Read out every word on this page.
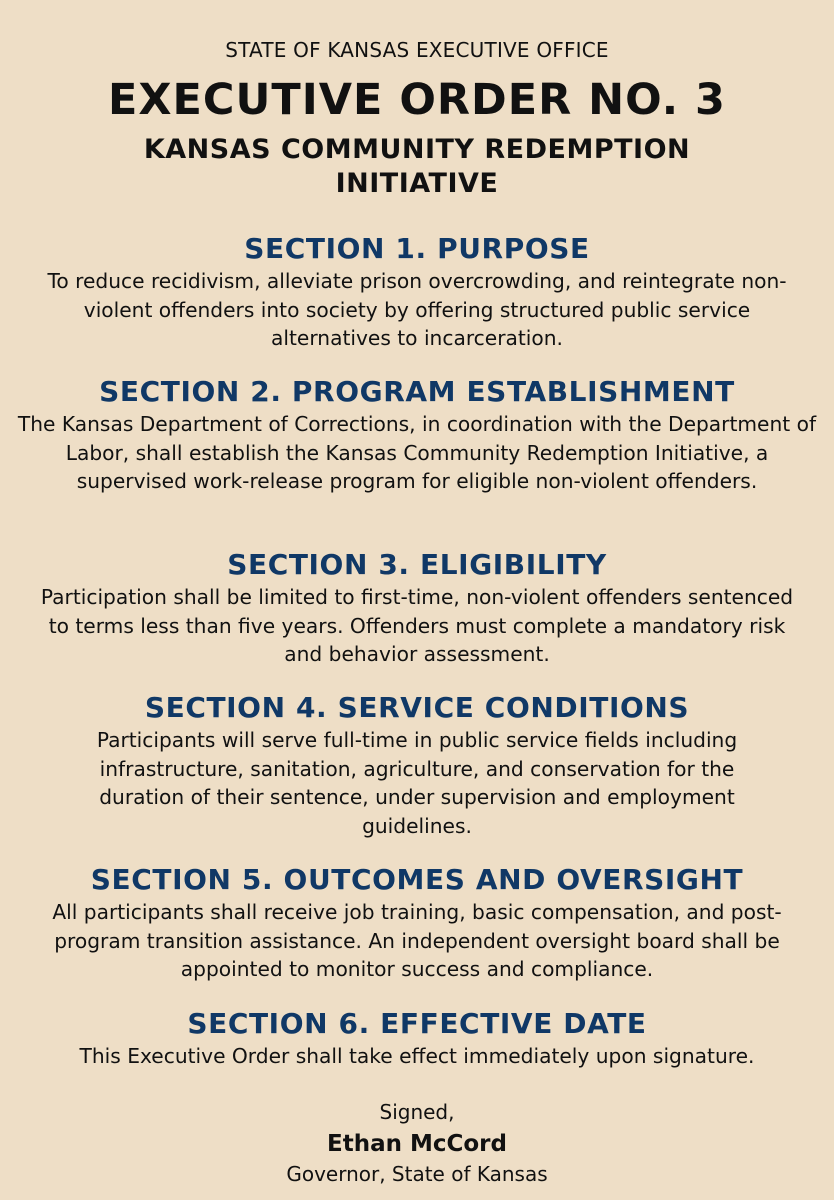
STATE OF KANSAS EXECUTIVE OFFICE
EXECUTIVE ORDER NO. 3
KANSAS COMMUNITY REDEMPTION INITIATIVE
SECTION 1. PURPOSE

To reduce recidivism, alleviate prison overcrowding, and reintegrate non-violent offenders into society by offering structured public service alternatives to incarceration.

SECTION 2. PROGRAM ESTABLISHMENT

The Kansas Department of Corrections, in coordination with the Department of Labor, shall establish the Kansas Community Redemption Initiative, a supervised work-release program for eligible non-violent offenders.

SECTION 3. ELIGIBILITY

Participation shall be limited to first-time, non-violent offenders sentenced to terms less than five years. Offenders must complete a mandatory risk and behavior assessment.

SECTION 4. SERVICE CONDITIONS

Participants will serve full-time in public service fields including infrastructure, sanitation, agriculture, and conservation for the duration of their sentence, under supervision and employment guidelines.

SECTION 5. OUTCOMES AND OVERSIGHT

All participants shall receive job training, basic compensation, and post-program transition assistance. An independent oversight board shall be appointed to monitor success and compliance.

SECTION 6. EFFECTIVE DATE

This Executive Order shall take effect immediately upon signature.

Signed,
Ethan McCord
Governor, State of Kansas
